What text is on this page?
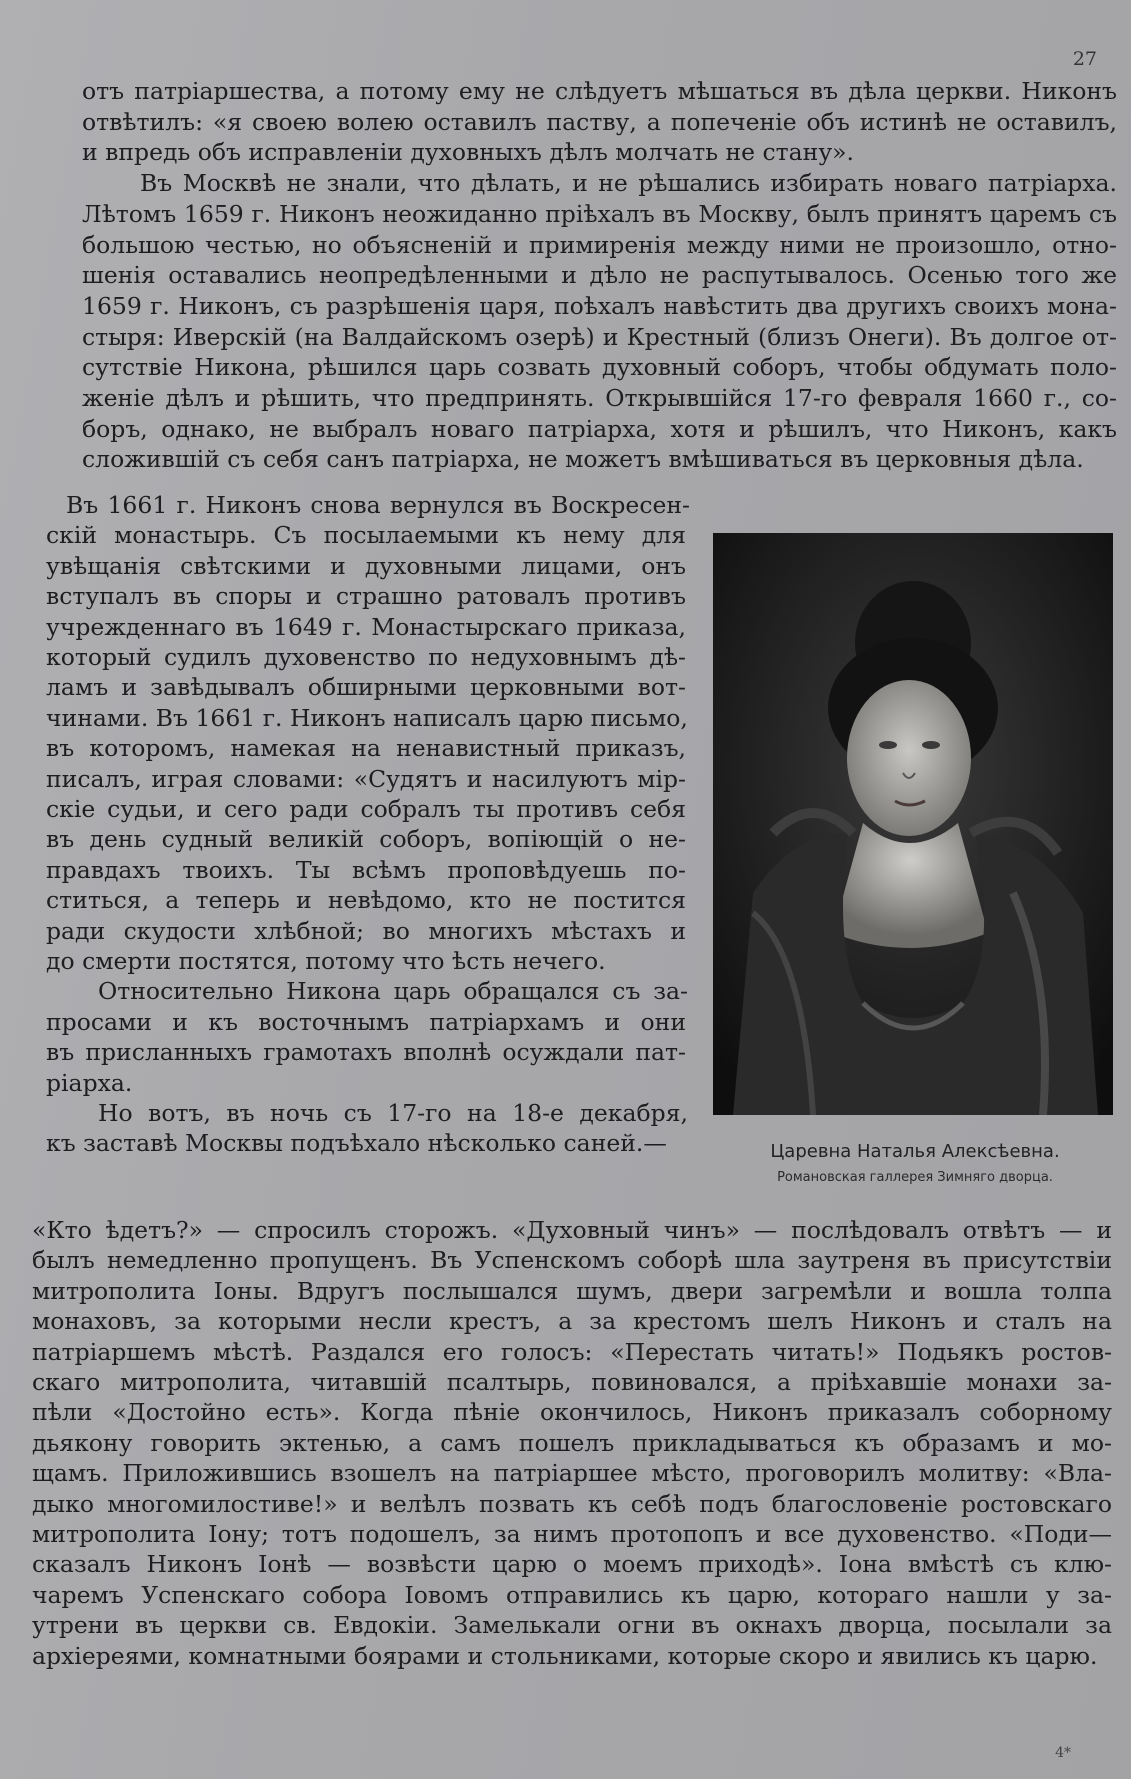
27
отъ патріаршества, а потому ему не слѣдуетъ мѣшаться въ дѣла церкви. Никонъ
отвѣтилъ: «я своею волею оставилъ паству, а попеченіе объ истинѣ не оставилъ,
и впредь объ исправленіи духовныхъ дѣлъ молчать не стану».
Въ Москвѣ не знали, что дѣлать, и не рѣшались избирать новаго патріарха.
Лѣтомъ 1659 г. Никонъ неожиданно пріѣхалъ въ Москву, былъ принятъ царемъ съ
большою честью, но объясненій и примиренія между ними не произошло, отно-
шенія оставались неопредѣленными и дѣло не распутывалось. Осенью того же
1659 г. Никонъ, съ разрѣшенія царя, поѣхалъ навѣстить два другихъ своихъ мона-
стыря: Иверскій (на Валдайскомъ озерѣ) и Крестный (близъ Онеги). Въ долгое от-
сутствіе Никона, рѣшился царь созвать духовный соборъ, чтобы обдумать поло-
женіе дѣлъ и рѣшить, что предпринять. Открывшійся 17-го февраля 1660 г., со-
боръ, однако, не выбралъ новаго патріарха, хотя и рѣшилъ, что Никонъ, какъ
сложившій съ себя санъ патріарха, не можетъ вмѣшиваться въ церковныя дѣла.
Въ 1661 г. Никонъ снова вернулся въ Воскресен-
скій монастырь. Съ посылаемыми къ нему для
увѣщанія свѣтскими и духовными лицами, онъ
вступалъ въ споры и страшно ратовалъ противъ
учрежденнаго въ 1649 г. Монастырскаго приказа,
который судилъ духовенство по недуховнымъ дѣ-
ламъ и завѣдывалъ обширными церковными вот-
чинами. Въ 1661 г. Никонъ написалъ царю письмо,
въ которомъ, намекая на ненавистный приказъ,
писалъ, играя словами: «Судятъ и насилуютъ мір-
скіе судьи, и сего ради собралъ ты противъ себя
въ день судный великій соборъ, вопіющій о не-
правдахъ твоихъ. Ты всѣмъ проповѣдуешь по-
ститься, а теперь и невѣдомо, кто не постится
ради скудости хлѣбной; во многихъ мѣстахъ и
до смерти постятся, потому что ѣсть нечего.
Относительно Никона царь обращался съ за-
просами и къ восточнымъ патріархамъ и они
въ присланныхъ грамотахъ вполнѣ осуждали пат-
ріарха.
Но вотъ, въ ночь съ 17-го на 18-е декабря,
къ заставѣ Москвы подъѣхало нѣсколько саней.—
«Кто ѣдетъ?» — спросилъ сторожъ. «Духовный чинъ» — послѣдовалъ отвѣтъ — и
былъ немедленно пропущенъ. Въ Успенскомъ соборѣ шла заутреня въ присутствіи
митрополита Іоны. Вдругъ послышался шумъ, двери загремѣли и вошла толпа
монаховъ, за которыми несли крестъ, а за крестомъ шелъ Никонъ и сталъ на
патріаршемъ мѣстѣ. Раздался его голосъ: «Перестать читать!» Подьякъ ростов-
скаго митрополита, читавшій псалтырь, повиновался, а пріѣхавшіе монахи за-
пѣли «Достойно есть». Когда пѣніе окончилось, Никонъ приказалъ соборному
дьякону говорить эктенью, а самъ пошелъ прикладываться къ образамъ и мо-
щамъ. Приложившись взошелъ на патріаршее мѣсто, проговорилъ молитву: «Вла-
дыко многомилостиве!» и велѣлъ позвать къ себѣ подъ благословеніе ростовскаго
митрополита Іону; тотъ подошелъ, за нимъ протопопъ и все духовенство. «Поди—
сказалъ Никонъ Іонѣ — возвѣсти царю о моемъ приходѣ». Іона вмѣстѣ съ клю-
чаремъ Успенскаго собора Іовомъ отправились къ царю, котораго нашли у за-
утрени въ церкви св. Евдокіи. Замелькали огни въ окнахъ дворца, посылали за
архіереями, комнатными боярами и стольниками, которые скоро и явились къ царю.
Царевна Наталья Алексѣевна.
Романовская галлерея Зимняго дворца.
4*
